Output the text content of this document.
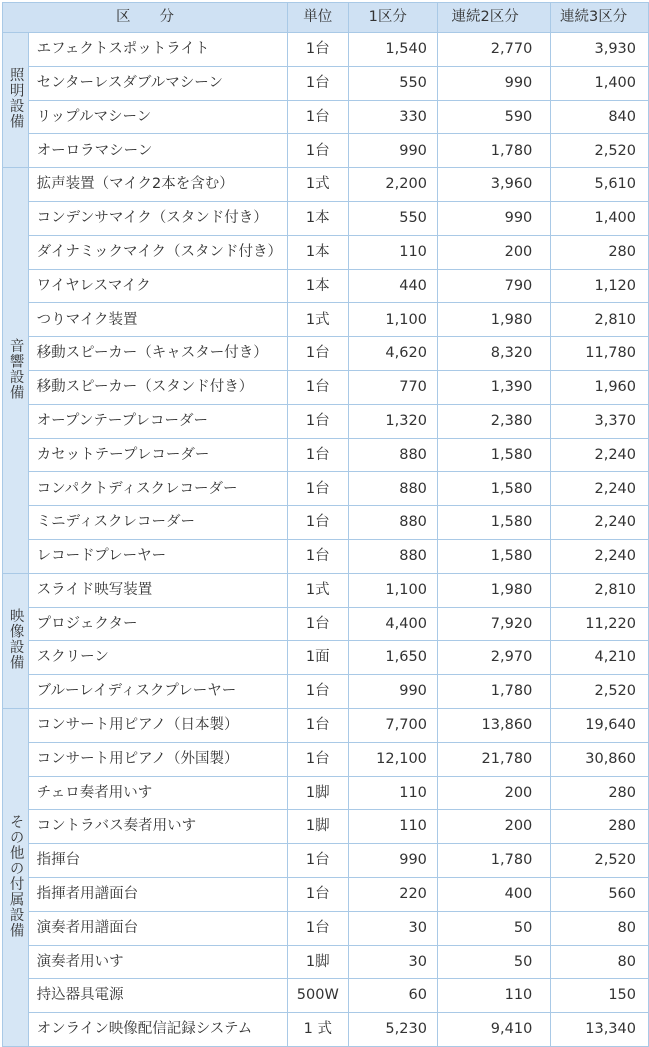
区　　分		単位	1区分	連続2区分	連続3区分
照明設備	エフェクトスポットライト	1台	1,540	2,770	3,930
	センターレスダブルマシーン	1台	550	990	1,400
	リップルマシーン	1台	330	590	840
	オーロラマシーン	1台	990	1,780	2,520
音響設備	拡声装置（マイク2本を含む）	1式	2,200	3,960	5,610
	コンデンサマイク（スタンド付き）	1本	550	990	1,400
	ダイナミックマイク（スタンド付き）	1本	110	200	280
	ワイヤレスマイク	1本	440	790	1,120
	つりマイク装置	1式	1,100	1,980	2,810
	移動スピーカー（キャスター付き）	1台	4,620	8,320	11,780
	移動スピーカー（スタンド付き）	1台	770	1,390	1,960
	オープンテープレコーダー	1台	1,320	2,380	3,370
	カセットテープレコーダー	1台	880	1,580	2,240
	コンパクトディスクレコーダー	1台	880	1,580	2,240
	ミニディスクレコーダー	1台	880	1,580	2,240
	レコードプレーヤー	1台	880	1,580	2,240
映像設備	スライド映写装置	1式	1,100	1,980	2,810
	プロジェクター	1台	4,400	7,920	11,220
	スクリーン	1面	1,650	2,970	4,210
	ブルーレイディスクプレーヤー	1台	990	1,780	2,520
その他の付属設備	コンサート用ピアノ（日本製）	1台	7,700	13,860	19,640
	コンサート用ピアノ（外国製）	1台	12,100	21,780	30,860
	チェロ奏者用いす	1脚	110	200	280
	コントラバス奏者用いす	1脚	110	200	280
	指揮台	1台	990	1,780	2,520
	指揮者用譜面台	1台	220	400	560
	演奏者用譜面台	1台	30	50	80
	演奏者用いす	1脚	30	50	80
	持込器具電源	500W	60	110	150
	オンライン映像配信記録システム	1 式	5,230	9,410	13,340
